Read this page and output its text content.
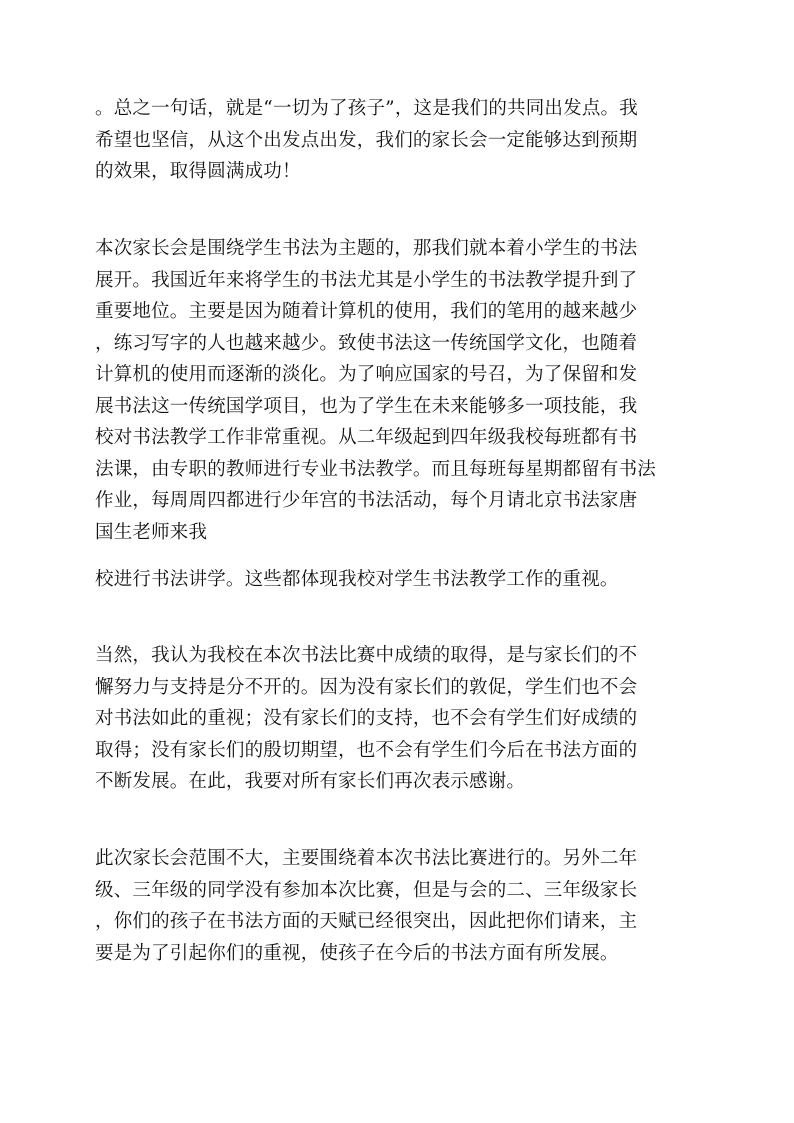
。总之一句话，就是“一切为了孩子”，这是我们的共同出发点。我
希望也坚信，从这个出发点出发，我们的家长会一定能够达到预期
的效果，取得圆满成功！

本次家长会是围绕学生书法为主题的，那我们就本着小学生的书法
展开。我国近年来将学生的书法尤其是小学生的书法教学提升到了
重要地位。主要是因为随着计算机的使用，我们的笔用的越来越少
，练习写字的人也越来越少。致使书法这一传统国学文化，也随着
计算机的使用而逐渐的淡化。为了响应国家的号召，为了保留和发
展书法这一传统国学项目，也为了学生在未来能够多一项技能，我
校对书法教学工作非常重视。从二年级起到四年级我校每班都有书
法课，由专职的教师进行专业书法教学。而且每班每星期都留有书法
作业，每周周四都进行少年宫的书法活动，每个月请北京书法家唐
国生老师来我

校进行书法讲学。这些都体现我校对学生书法教学工作的重视。

当然，我认为我校在本次书法比赛中成绩的取得，是与家长们的不
懈努力与支持是分不开的。因为没有家长们的敦促，学生们也不会
对书法如此的重视；没有家长们的支持，也不会有学生们好成绩的
取得；没有家长们的殷切期望，也不会有学生们今后在书法方面的
不断发展。在此，我要对所有家长们再次表示感谢。

此次家长会范围不大，主要围绕着本次书法比赛进行的。另外二年
级、三年级的同学没有参加本次比赛，但是与会的二、三年级家长
，你们的孩子在书法方面的天赋已经很突出，因此把你们请来，主
要是为了引起你们的重视，使孩子在今后的书法方面有所发展。
